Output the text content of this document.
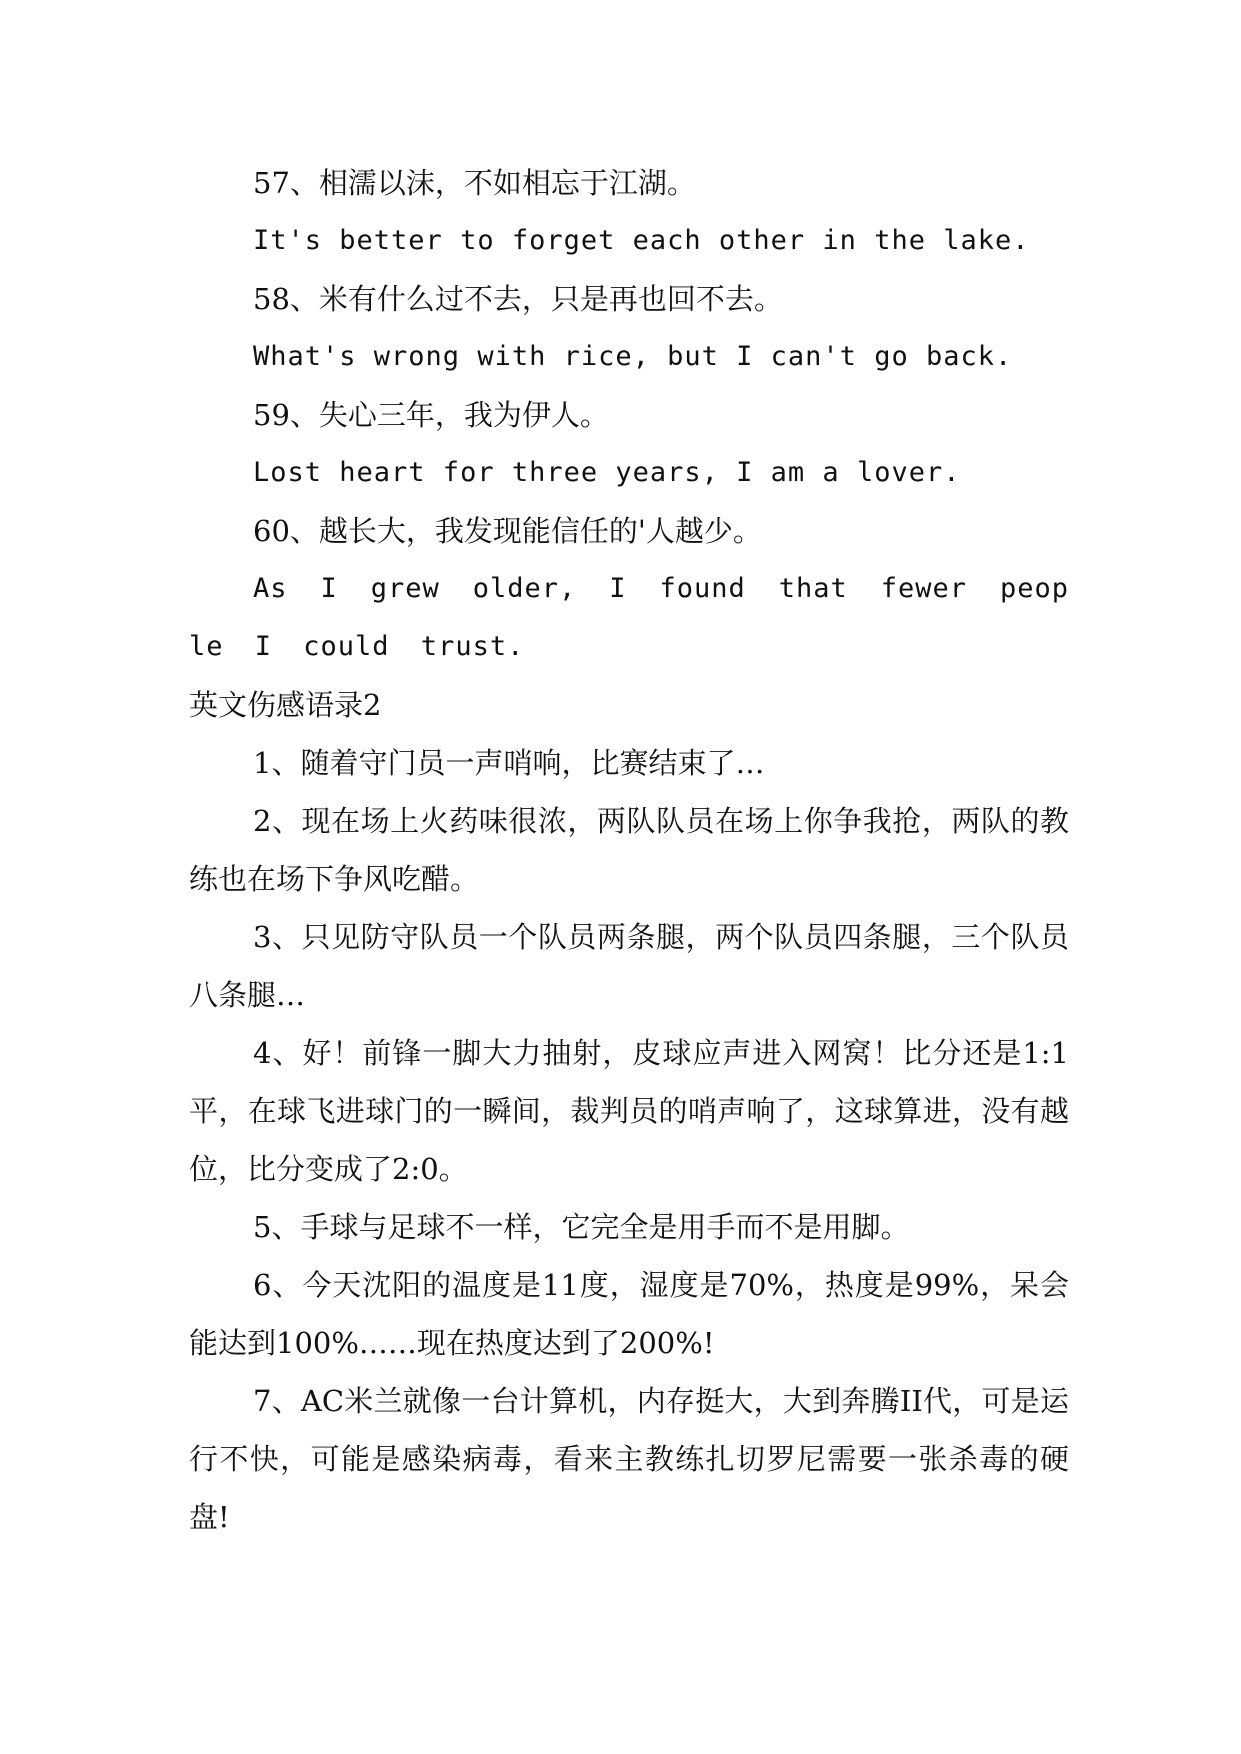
57、相濡以沫，不如相忘于江湖。

It's better to forget each other in the lake.

58、米有什么过不去，只是再也回不去。

What's wrong with rice, but I can't go back.

59、失心三年，我为伊人。

Lost heart for three years, I am a lover.

60、越长大，我发现能信任的'人越少。

As I grew older, I found that fewer people I could trust.

英文伤感语录2

1、随着守门员一声哨响，比赛结束了…

2、现在场上火药味很浓，两队队员在场上你争我抢，两队的教练也在场下争风吃醋。

3、只见防守队员一个队员两条腿，两个队员四条腿，三个队员八条腿…

4、好！前锋一脚大力抽射，皮球应声进入网窝！比分还是1:1平，在球飞进球门的一瞬间，裁判员的哨声响了，这球算进，没有越位，比分变成了2:0。

5、手球与足球不一样，它完全是用手而不是用脚。

6、今天沈阳的温度是11度，湿度是70%，热度是99%，呆会能达到100%……现在热度达到了200%!

7、AC米兰就像一台计算机，内存挺大，大到奔腾II代，可是运行不快，可能是感染病毒，看来主教练扎切罗尼需要一张杀毒的硬盘!
